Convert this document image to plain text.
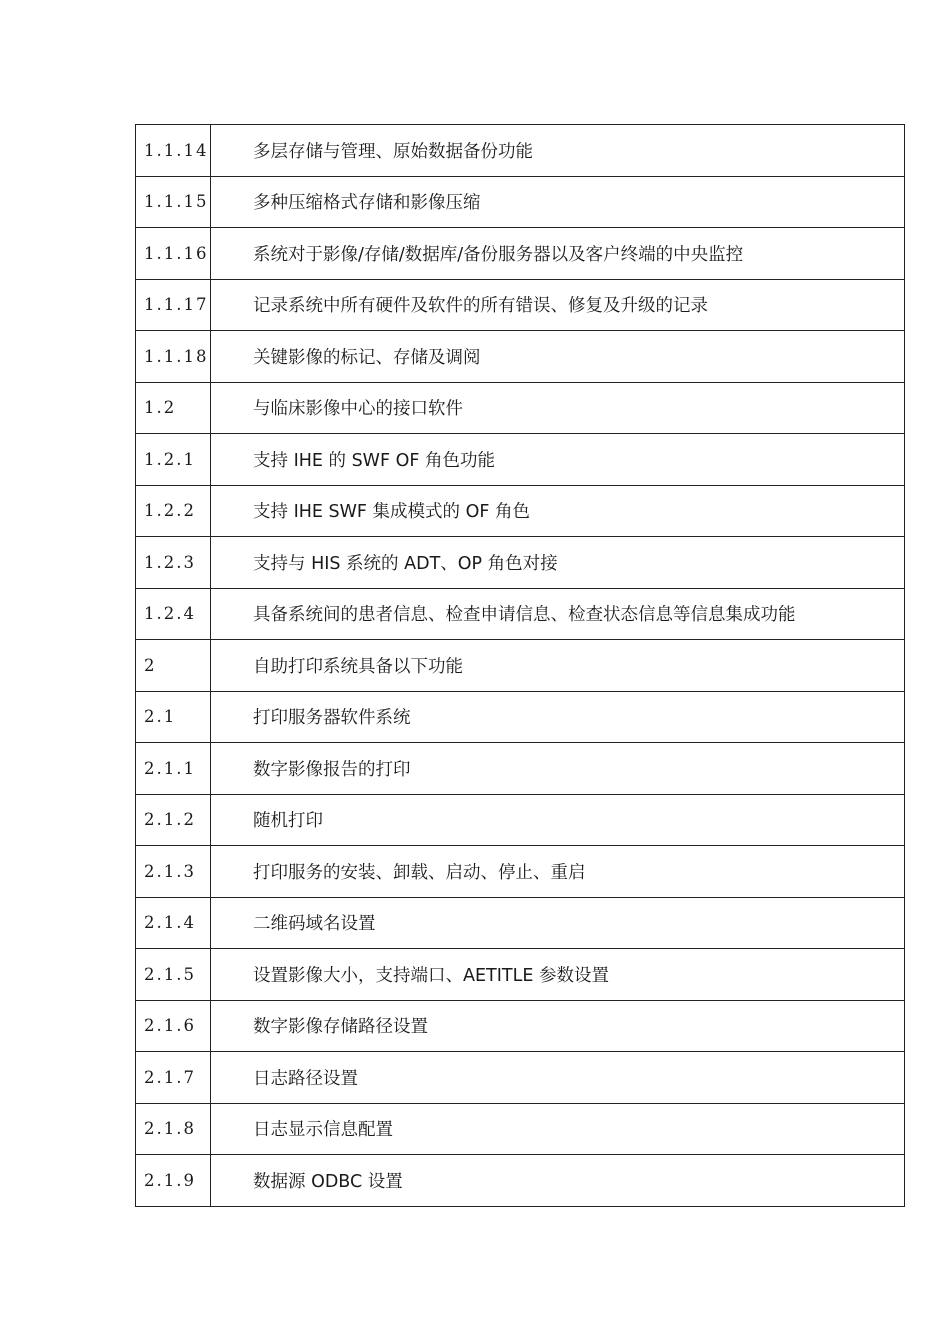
1.1.14	多层存储与管理、原始数据备份功能
1.1.15	多种压缩格式存储和影像压缩
1.1.16	系统对于影像/存储/数据库/备份服务器以及客户终端的中央监控
1.1.17	记录系统中所有硬件及软件的所有错误、修复及升级的记录
1.1.18	关键影像的标记、存储及调阅
1.2	与临床影像中心的接口软件
1.2.1	支持 IHE 的 SWF OF 角色功能
1.2.2	支持 IHE SWF 集成模式的 OF 角色
1.2.3	支持与 HIS 系统的 ADT、OP 角色对接
1.2.4	具备系统间的患者信息、检查申请信息、检查状态信息等信息集成功能
2	自助打印系统具备以下功能
2.1	打印服务器软件系统
2.1.1	数字影像报告的打印
2.1.2	随机打印
2.1.3	打印服务的安装、卸载、启动、停止、重启
2.1.4	二维码域名设置
2.1.5	设置影像大小，支持端口、AETITLE 参数设置
2.1.6	数字影像存储路径设置
2.1.7	日志路径设置
2.1.8	日志显示信息配置
2.1.9	数据源 ODBC 设置
